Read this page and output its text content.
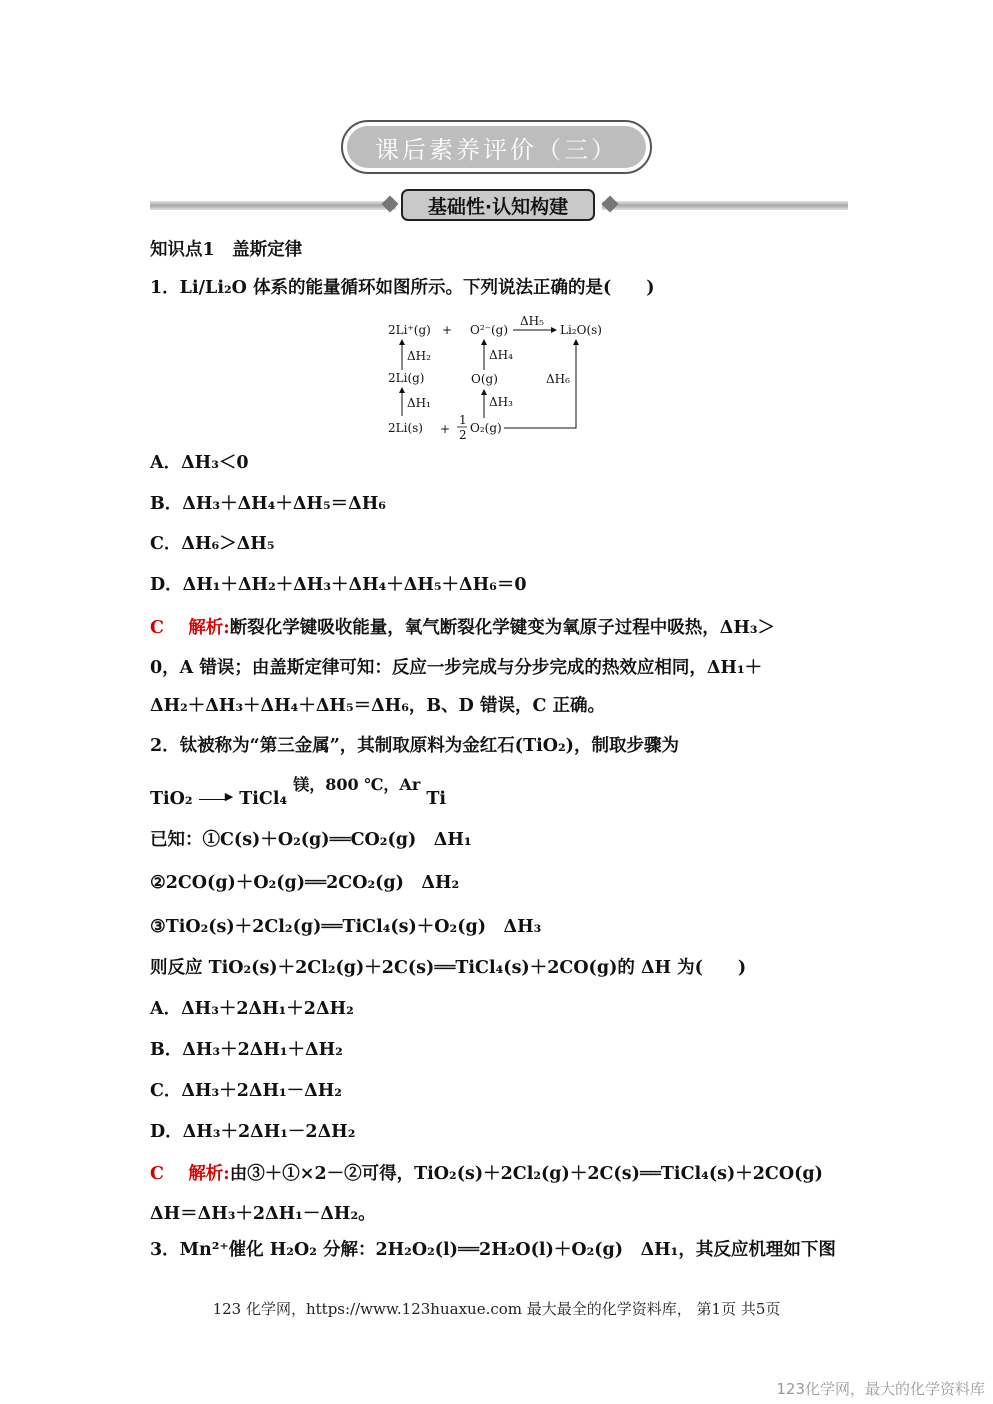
课后素养评价（三）
基础性·认知构建
知识点1　盖斯定律
1．Li/Li₂O 体系的能量循环如图所示。下列说法正确的是(　　)
2Li⁺(g) + O²⁻(g)
ΔH₅
Li₂O(s)
ΔH₂	ΔH₄
2Li(g)	O(g)	ΔH₆
ΔH₁	ΔH₃
2Li(s) +
1
2 O₂(g)
A．ΔH₃＜0
B．ΔH₃＋ΔH₄＋ΔH₅＝ΔH₆
C．ΔH₆＞ΔH₅
D．ΔH₁＋ΔH₂＋ΔH₃＋ΔH₄＋ΔH₅＋ΔH₆＝0
C 解析:断裂化学键吸收能量，氧气断裂化学键变为氧原子过程中吸热，ΔH₃＞
0，A 错误；由盖斯定律可知：反应一步完成与分步完成的热效应相同，ΔH₁＋
ΔH₂＋ΔH₃＋ΔH₄＋ΔH₅＝ΔH₆，B、D 错误，C 正确。
2．钛被称为“第三金属”，其制取原料为金红石(TiO₂)，制取步骤为
TiO₂	▶ TiCl₄ 镁，800 ℃，Ar Ti
已知：①C(s)＋O₂(g)══CO₂(g)　ΔH₁
②2CO(g)＋O₂(g)══2CO₂(g)　ΔH₂
③TiO₂(s)＋2Cl₂(g)══TiCl₄(s)＋O₂(g)　ΔH₃
则反应 TiO₂(s)＋2Cl₂(g)＋2C(s)══TiCl₄(s)＋2CO(g)的 ΔH 为(　　)
A．ΔH₃＋2ΔH₁＋2ΔH₂
B．ΔH₃＋2ΔH₁＋ΔH₂
C．ΔH₃＋2ΔH₁－ΔH₂
D．ΔH₃＋2ΔH₁－2ΔH₂
C 解析:由③＋①×2－②可得，TiO₂(s)＋2Cl₂(g)＋2C(s)══TiCl₄(s)＋2CO(g)
ΔH＝ΔH₃＋2ΔH₁－ΔH₂。
3．Mn²⁺催化 H₂O₂ 分解：2H₂O₂(l)══2H₂O(l)＋O₂(g)　ΔH₁，其反应机理如下图
123 化学网，https://www.123huaxue.com 最大最全的化学资料库， 第1页 共5页
123化学网，最大的化学资料库
